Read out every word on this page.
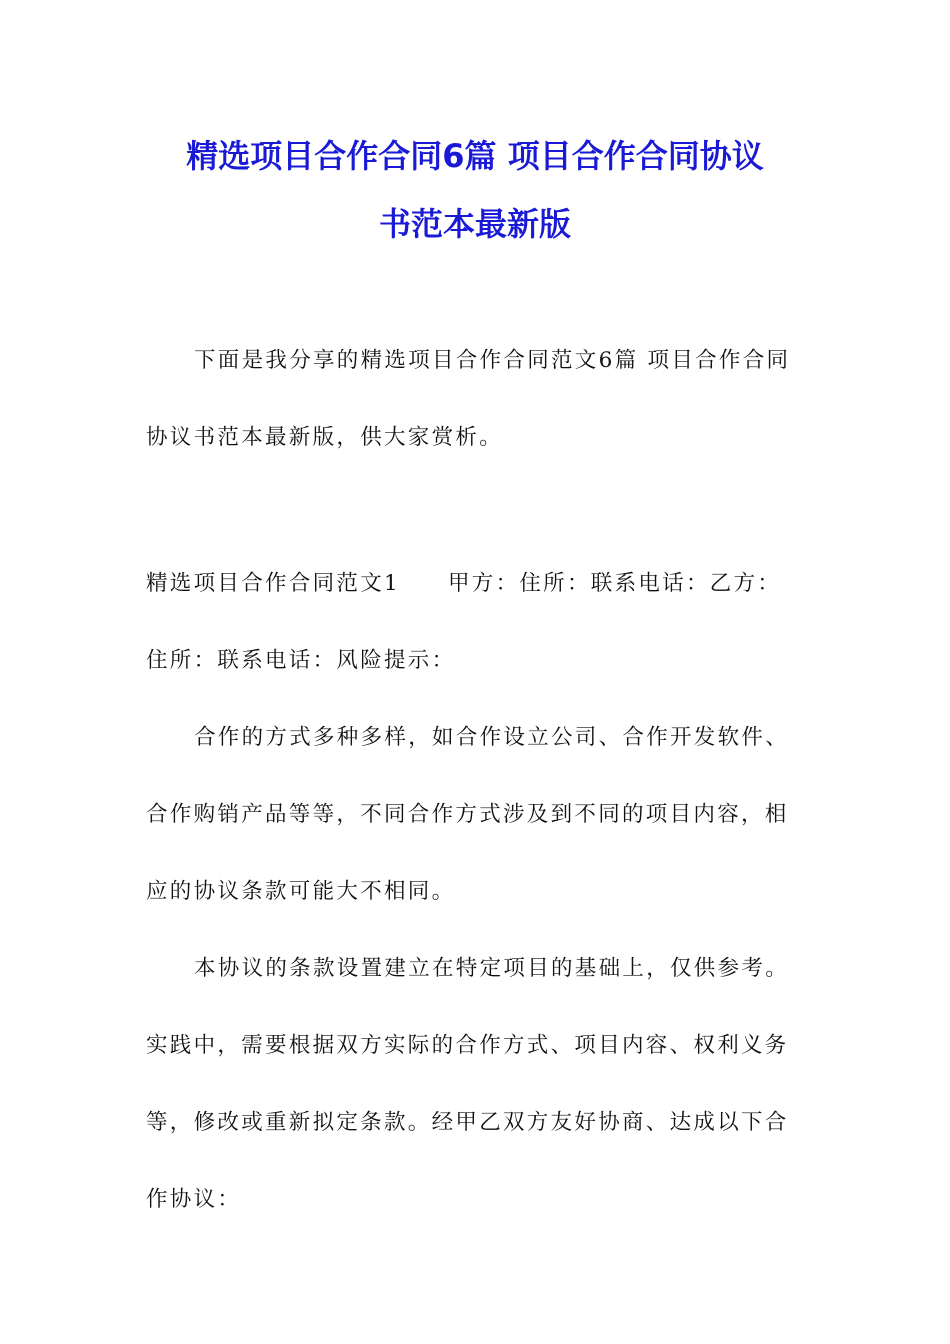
精选项目合作合同6篇 项目合作合同协议
书范本最新版
下面是我分享的精选项目合作合同范文6篇 项目合作合同
协议书范本最新版，供大家赏析。
精选项目合作合同范文1 甲方：住所：联系电话：乙方：
住所：联系电话：风险提示：
合作的方式多种多样，如合作设立公司、合作开发软件、
合作购销产品等等，不同合作方式涉及到不同的项目内容，相
应的协议条款可能大不相同。
本协议的条款设置建立在特定项目的基础上，仅供参考。
实践中，需要根据双方实际的合作方式、项目内容、权利义务
等，修改或重新拟定条款。经甲乙双方友好协商、达成以下合
作协议：
